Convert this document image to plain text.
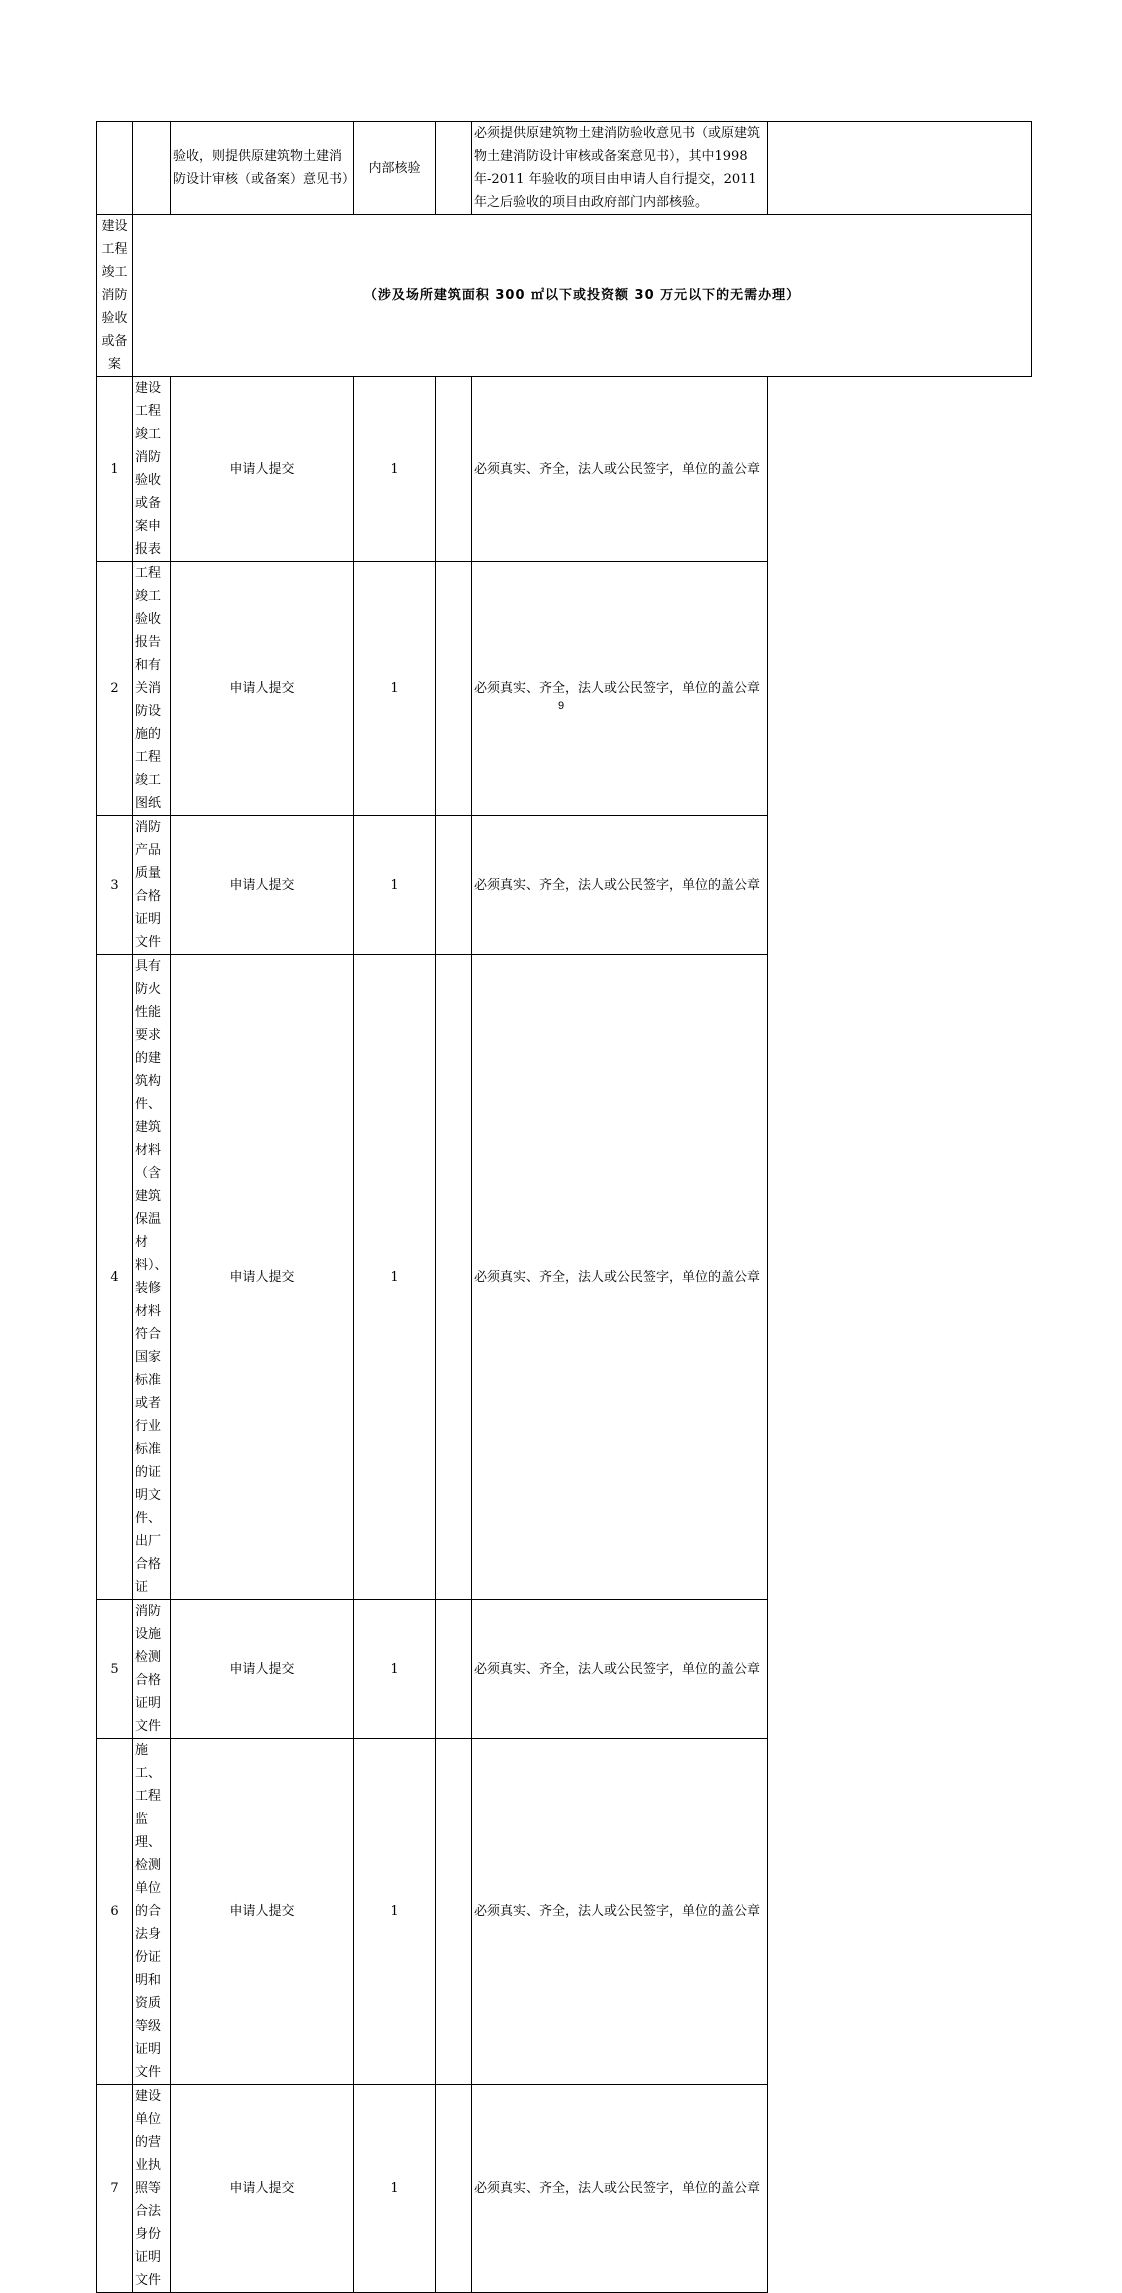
		验收，则提供原建筑物土建消防设计审核（或备案）意见书）	内部核验		必须提供原建筑物土建消防验收意见书（或原建筑物土建消防设计审核或备案意见书），其中1998 年-2011 年验收的项目由申请人自行提交，2011 年之后验收的项目由政府部门内部核验。	
建设工程竣工消防验收或备案	（涉及场所建筑面积 300 ㎡以下或投资额 30 万元以下的无需办理）					
1	建设工程竣工消防验收或备案申报表	申请人提交	1		必须真实、齐全，法人或公民签字，单位的盖公章	
2	工程竣工验收报告和有关消防设施的工程竣工图纸	申请人提交	1		必须真实、齐全，法人或公民签字，单位的盖公章	
3	消防产品质量合格证明文件	申请人提交	1		必须真实、齐全，法人或公民签字，单位的盖公章	
4	具有防火性能要求的建筑构件、建筑材料（含建筑保温材料）、装修材料符合国家标准或者行业标准的证明文件、出厂合格证	申请人提交	1		必须真实、齐全，法人或公民签字，单位的盖公章	
5	消防设施检测合格证明文件	申请人提交	1		必须真实、齐全，法人或公民签字，单位的盖公章	
6	施工、工程监理、检测单位的合法身份证明和资质等级证明文件	申请人提交	1		必须真实、齐全，法人或公民签字，单位的盖公章	
7	建设单位的营业执照等合法身份证明文件	申请人提交	1		必须真实、齐全，法人或公民签字，单位的盖公章	
9
